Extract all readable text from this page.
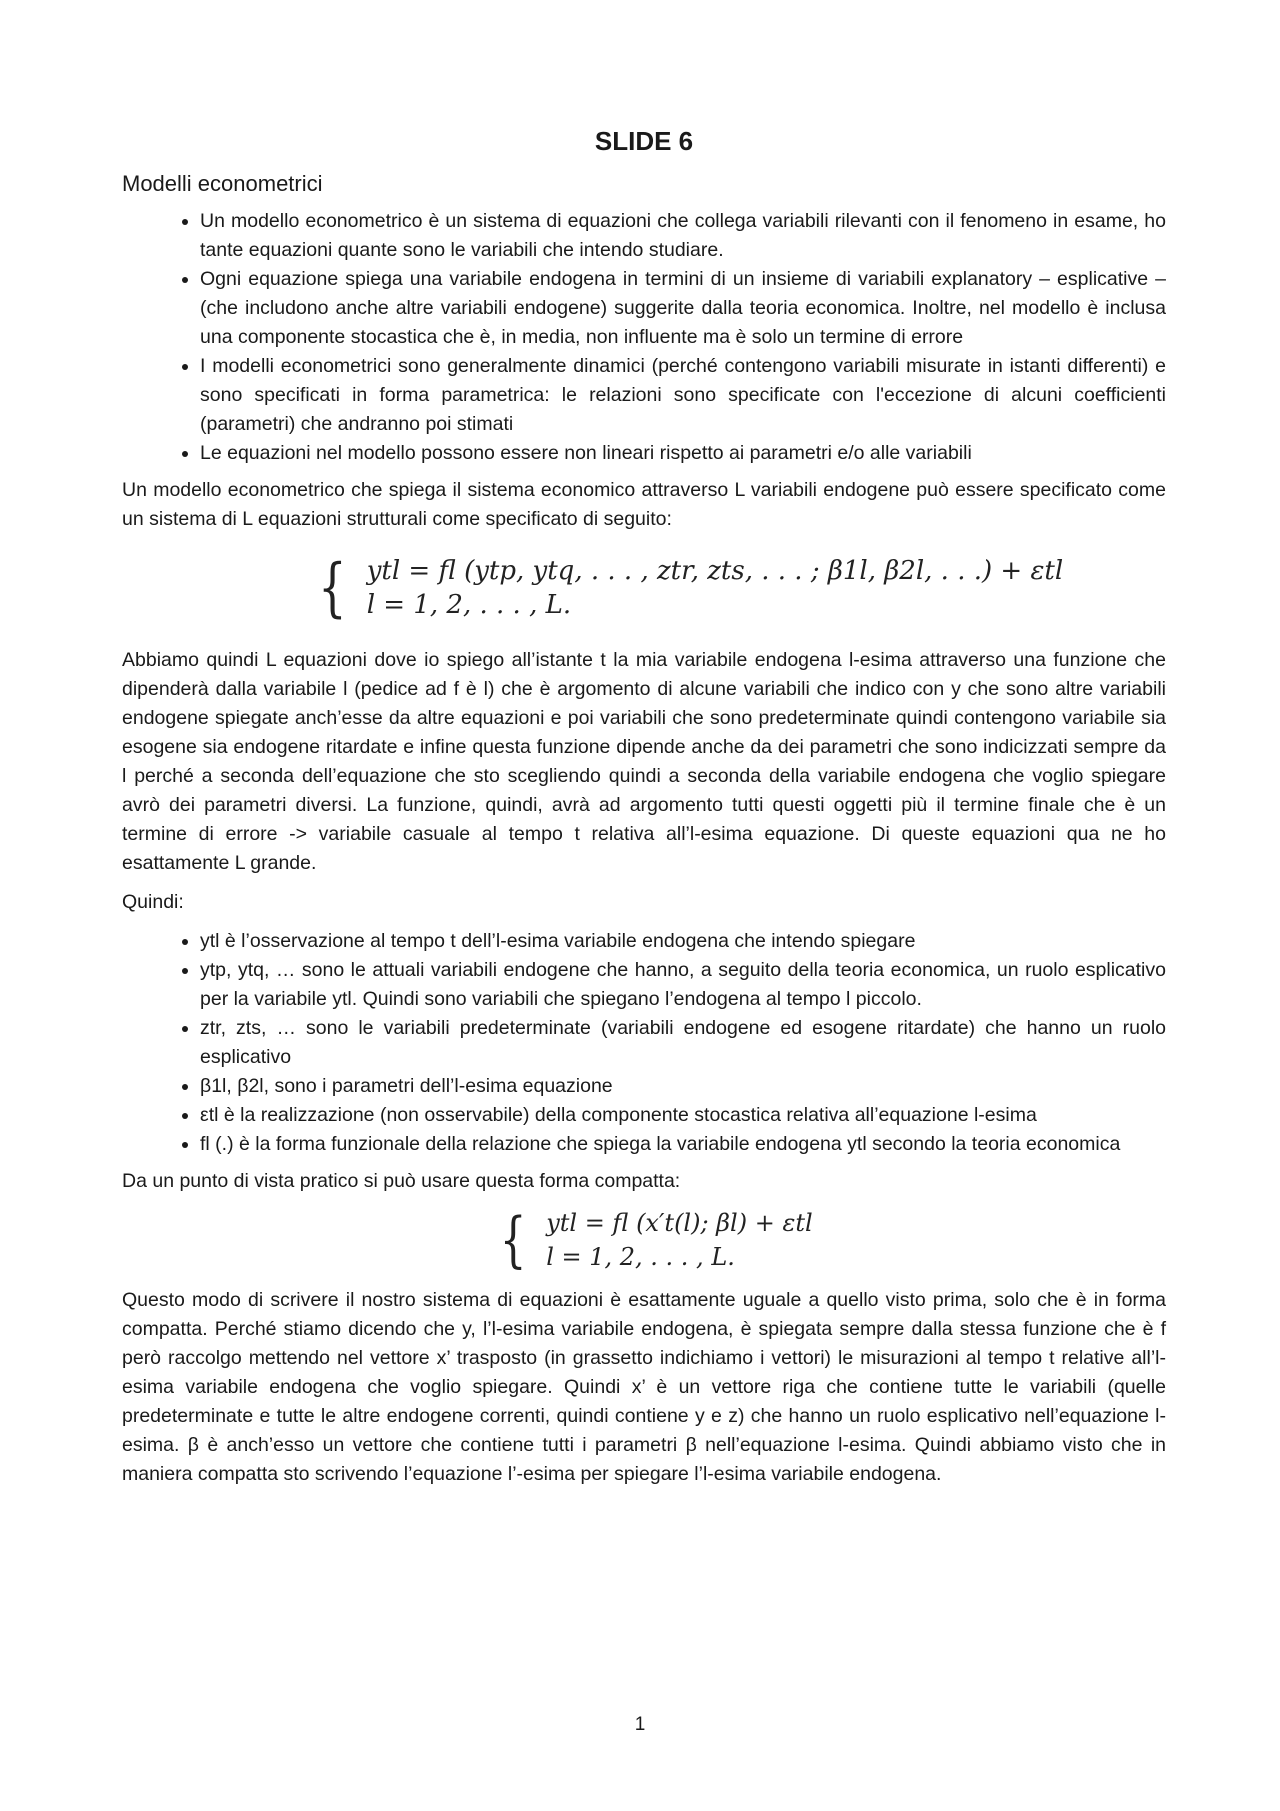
SLIDE 6
Modelli econometrici
• Un modello econometrico è un sistema di equazioni che collega variabili rilevanti con il fenomeno in esame, ho tante equazioni quante sono le variabili che intendo studiare.
• Ogni equazione spiega una variabile endogena in termini di un insieme di variabili explanatory – esplicative – (che includono anche altre variabili endogene) suggerite dalla teoria economica. Inoltre, nel modello è inclusa una componente stocastica che è, in media, non influente ma è solo un termine di errore
• I modelli econometrici sono generalmente dinamici (perché contengono variabili misurate in istanti differenti) e sono specificati in forma parametrica: le relazioni sono specificate con l'eccezione di alcuni coefficienti (parametri) che andranno poi stimati
• Le equazioni nel modello possono essere non lineari rispetto ai parametri e/o alle variabili
Un modello econometrico che spiega il sistema economico attraverso L variabili endogene può essere specificato come un sistema di L equazioni strutturali come specificato di seguito:
{ ytl = fl (ytp, ytq, . . . , ztr, zts, . . . ; β1l, β2l, . . .) + εtl
l = 1, 2, . . . , L.
Abbiamo quindi L equazioni dove io spiego all’istante t la mia variabile endogena l-esima attraverso una funzione che dipenderà dalla variabile l (pedice ad f è l) che è argomento di alcune variabili che indico con y che sono altre variabili endogene spiegate anch’esse da altre equazioni e poi variabili che sono predeterminate quindi contengono variabile sia esogene sia endogene ritardate e infine questa funzione dipende anche da dei parametri che sono indicizzati sempre da l perché a seconda dell’equazione che sto scegliendo quindi a seconda della variabile endogena che voglio spiegare avrò dei parametri diversi. La funzione, quindi, avrà ad argomento tutti questi oggetti più il termine finale che è un termine di errore -> variabile casuale al tempo t relativa all’l-esima equazione. Di queste equazioni qua ne ho esattamente L grande.
Quindi:
• ytl è l’osservazione al tempo t dell’l-esima variabile endogena che intendo spiegare
• ytp, ytq, … sono le attuali variabili endogene che hanno, a seguito della teoria economica, un ruolo esplicativo per la variabile ytl. Quindi sono variabili che spiegano l’endogena al tempo l piccolo.
• ztr, zts, … sono le variabili predeterminate (variabili endogene ed esogene ritardate) che hanno un ruolo esplicativo
• β1l, β2l, sono i parametri dell’l-esima equazione
• εtl è la realizzazione (non osservabile) della componente stocastica relativa all’equazione l-esima
• fl (.) è la forma funzionale della relazione che spiega la variabile endogena ytl secondo la teoria economica
Da un punto di vista pratico si può usare questa forma compatta:
{ ytl = fl (x′t(l); βl) + εtl
l = 1, 2, . . . , L.
Questo modo di scrivere il nostro sistema di equazioni è esattamente uguale a quello visto prima, solo che è in forma compatta. Perché stiamo dicendo che y, l’l-esima variabile endogena, è spiegata sempre dalla stessa funzione che è f però raccolgo mettendo nel vettore x’ trasposto (in grassetto indichiamo i vettori) le misurazioni al tempo t relative all’l-esima variabile endogena che voglio spiegare. Quindi x’ è un vettore riga che contiene tutte le variabili (quelle predeterminate e tutte le altre endogene correnti, quindi contiene y e z) che hanno un ruolo esplicativo nell’equazione l-esima. β è anch’esso un vettore che contiene tutti i parametri β nell’equazione l-esima. Quindi abbiamo visto che in maniera compatta sto scrivendo l’equazione l’-esima per spiegare l’l-esima variabile endogena.
1
